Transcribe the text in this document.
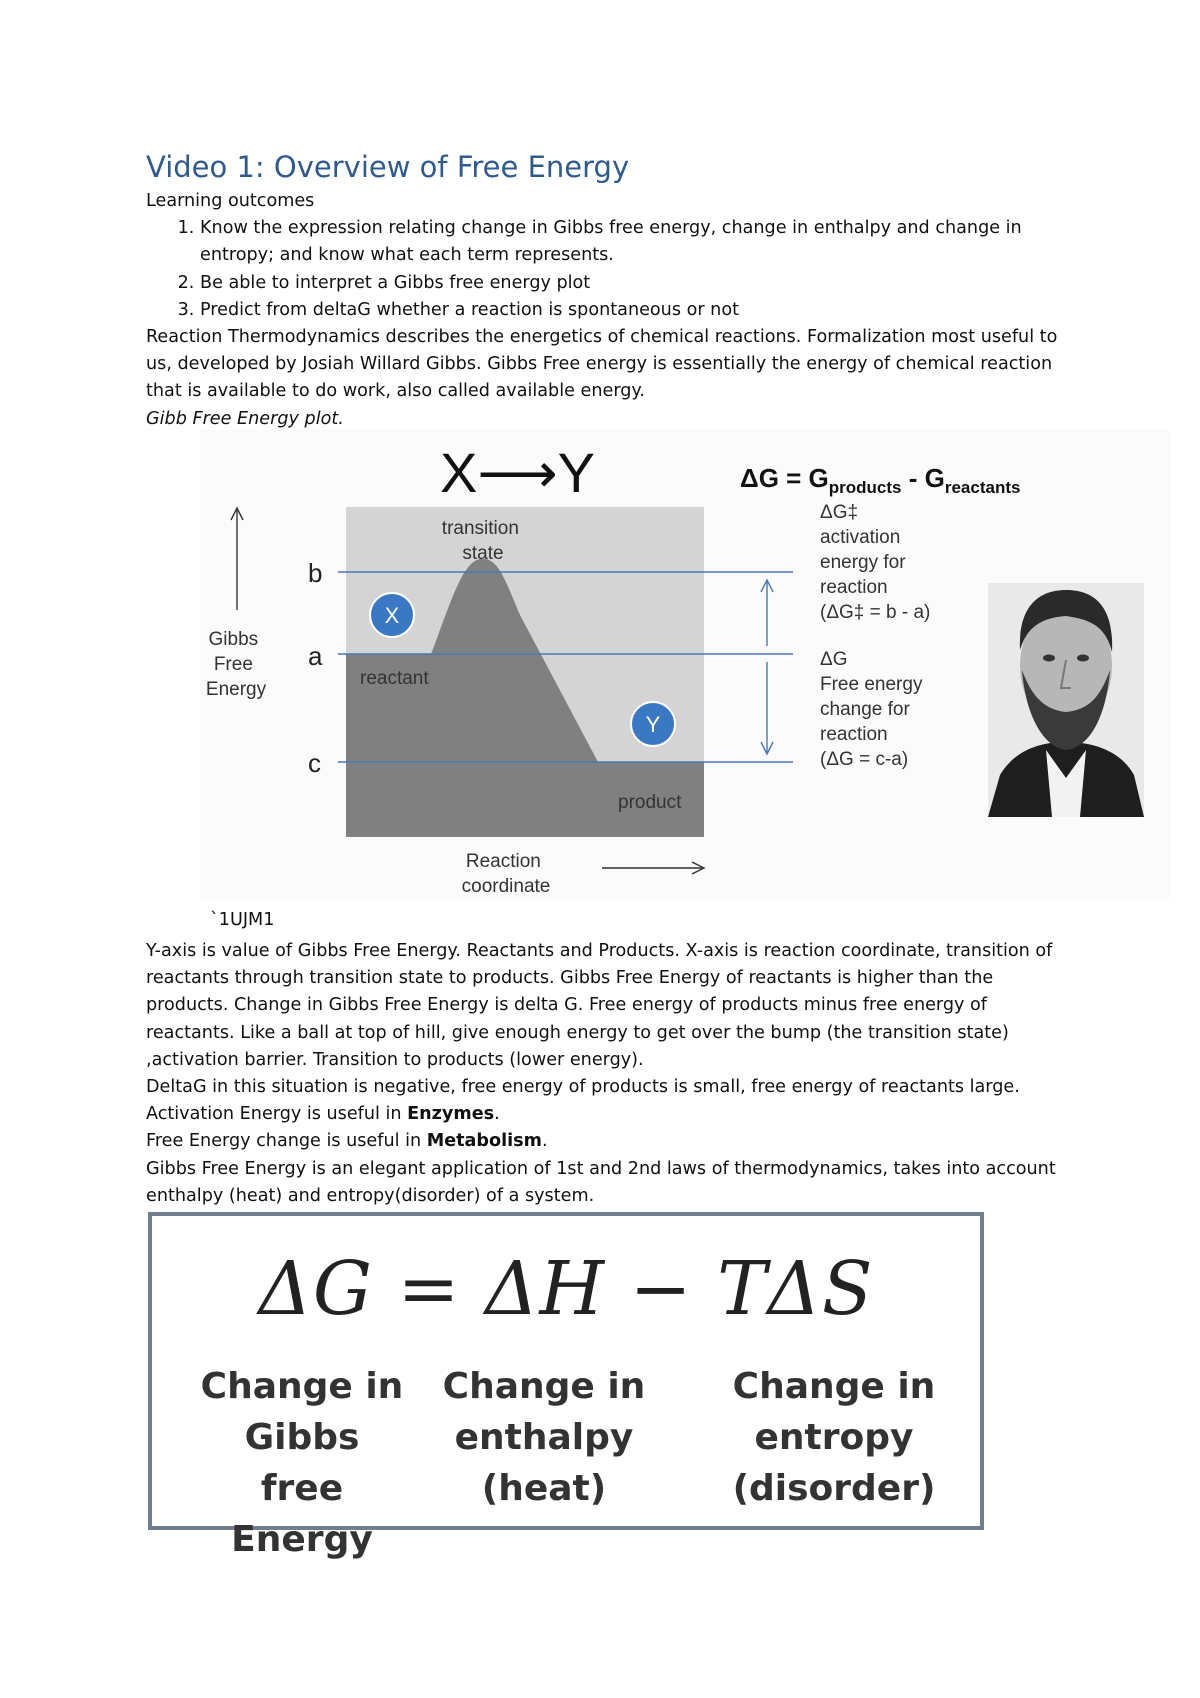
Video 1: Overview of Free Energy

Learning outcomes

1. Know the expression relating change in Gibbs free energy, change in enthalpy and change in entropy; and know what each term represents.
2. Be able to interpret a Gibbs free energy plot
3. Predict from deltaG whether a reaction is spontaneous or not

Reaction Thermodynamics describes the energetics of chemical reactions. Formalization most useful to us, developed by Josiah Willard Gibbs. Gibbs Free energy is essentially the energy of chemical reaction that is available to do work, also called available energy.

Gibb Free Energy plot.

X⟶Y	$\Delta G = G_{products} - G_{reactants}$
b
a
c
Gibbs Free Energy
transition state
reactant
product
X
Y
Reaction coordinate
ΔG‡ activation energy for reaction (ΔG‡ = b - a)
ΔG Free energy change for reaction (ΔG = c-a)
`1UJM1

Y-axis is value of Gibbs Free Energy. Reactants and Products. X-axis is reaction coordinate, transition of reactants through transition state to products. Gibbs Free Energy of reactants is higher than the products. Change in Gibbs Free Energy is delta G. Free energy of products minus free energy of reactants. Like a ball at top of hill, give enough energy to get over the bump (the transition state) ,activation barrier. Transition to products (lower energy).

DeltaG in this situation is negative, free energy of products is small, free energy of reactants large.

Activation Energy is useful in Enzymes.

Free Energy change is useful in Metabolism.

Gibbs Free Energy is an elegant application of 1st and 2nd laws of thermodynamics, takes into account enthalpy (heat) and entropy(disorder) of a system.

ΔG = ΔH − TΔS
Change in
Gibbs
free Energy
Change in
enthalpy
(heat)
Change in
entropy
(disorder)
